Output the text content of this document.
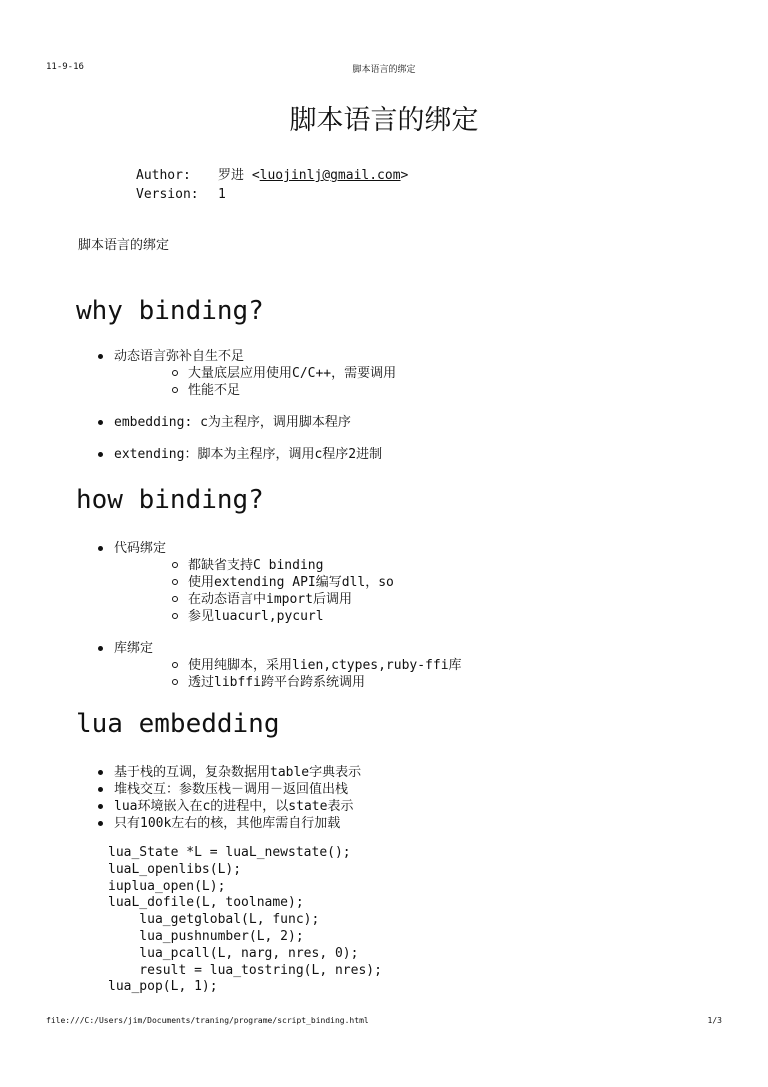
11-9-16	脚本语言的绑定
脚本语言的绑定
Author: 罗进 <luojinlj@gmail.com>
Version: 1
脚本语言的绑定
why binding?
动态语言弥补自生不足
大量底层应用使用C/C++，需要调用
性能不足
embedding: c为主程序，调用脚本程序
extending：脚本为主程序，调用c程序2进制
how binding?
代码绑定
都缺省支持C binding
使用extending API编写dll，so
在动态语言中import后调用
参见luacurl,pycurl
库绑定
使用纯脚本，采用lien,ctypes,ruby-ffi库
透过libffi跨平台跨系统调用
lua embedding
基于栈的互调，复杂数据用table字典表示
堆栈交互：参数压栈－调用－返回值出栈
lua环境嵌入在c的进程中，以state表示
只有100k左右的核，其他库需自行加载
lua_State *L = luaL_newstate();
luaL_openlibs(L);
iuplua_open(L);
luaL_dofile(L, toolname);
lua_getglobal(L, func);
lua_pushnumber(L, 2);
lua_pcall(L, narg, nres, 0);
result = lua_tostring(L, nres);
lua_pop(L, 1);
file:///C:/Users/jim/Documents/traning/programe/script_binding.html	1/3
